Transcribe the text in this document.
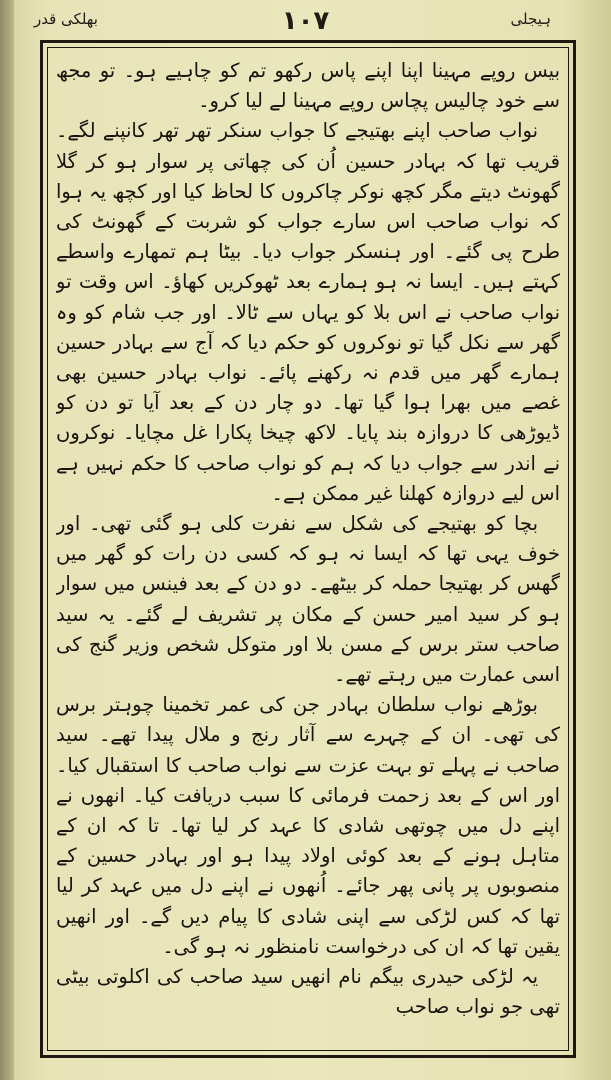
ہیجلی
۱۰۷
بھلکی قدر

بیس روپے مہینا اپنا اپنے پاس رکھو تم کو چاہیے ہو۔ تو مجھ سے خود چالیس پچاس روپے مہینا لے لیا کرو۔

نواب صاحب اپنے بھتیجے کا جواب سنکر تھر تھر کانپنے لگے۔ قریب تھا کہ بہادر حسین اُن کی چھاتی پر سوار ہو کر گلا گھونٹ دیتے مگر کچھ نوکر چاکروں کا لحاظ کیا اور کچھ یہ ہوا کہ نواب صاحب اس سارے جواب کو شربت کے گھونٹ کی طرح پی گئے۔ اور ہنسکر جواب دیا۔ بیٹا ہم تمھارے واسطے کہتے ہیں۔ ایسا نہ ہو ہمارے بعد ٹھوکریں کھاؤ۔ اس وقت تو نواب صاحب نے اس بلا کو یہاں سے ٹالا۔ اور جب شام کو وہ گھر سے نکل گیا تو نوکروں کو حکم دیا کہ آج سے بہادر حسین ہمارے گھر میں قدم نہ رکھنے پائے۔ نواب بہادر حسین بھی غصے میں بھرا ہوا گیا تھا۔ دو چار دن کے بعد آیا تو دن کو ڈیوڑھی کا دروازہ بند پایا۔ لاکھ چیخا پکارا غل مچایا۔ نوکروں نے اندر سے جواب دیا کہ ہم کو نواب صاحب کا حکم نہیں ہے اس لیے دروازہ کھلنا غیر ممکن ہے۔

بچا کو بھتیجے کی شکل سے نفرت کلی ہو گئی تھی۔ اور خوف یہی تھا کہ ایسا نہ ہو کہ کسی دن رات کو گھر میں گھس کر بھتیجا حملہ کر بیٹھے۔ دو دن کے بعد فینس میں سوار ہو کر سید امیر حسن کے مکان پر تشریف لے گئے۔ یہ سید صاحب ستر برس کے مسن بلا اور متوکل شخص وزیر گنج کی اسی عمارت میں رہتے تھے۔

بوڑھے نواب سلطان بہادر جن کی عمر تخمینا چوہتر برس کی تھی۔ ان کے چہرے سے آثار رنج و ملال پیدا تھے۔ سید صاحب نے پہلے تو بہت عزت سے نواب صاحب کا استقبال کیا۔ اور اس کے بعد زحمت فرمائی کا سبب دریافت کیا۔ انھوں نے اپنے دل میں چوتھی شادی کا عہد کر لیا تھا۔ تا کہ ان کے متاہل ہونے کے بعد کوئی اولاد پیدا ہو اور بہادر حسین کے منصوبوں پر پانی پھر جائے۔ اُنھوں نے اپنے دل میں عہد کر لیا تھا کہ کس لڑکی سے اپنی شادی کا پیام دیں گے۔ اور انھیں یقین تھا کہ ان کی درخواست نامنظور نہ ہو گی۔

یہ لڑکی حیدری بیگم نام انھیں سید صاحب کی اکلوتی بیٹی تھی جو نواب صاحب
